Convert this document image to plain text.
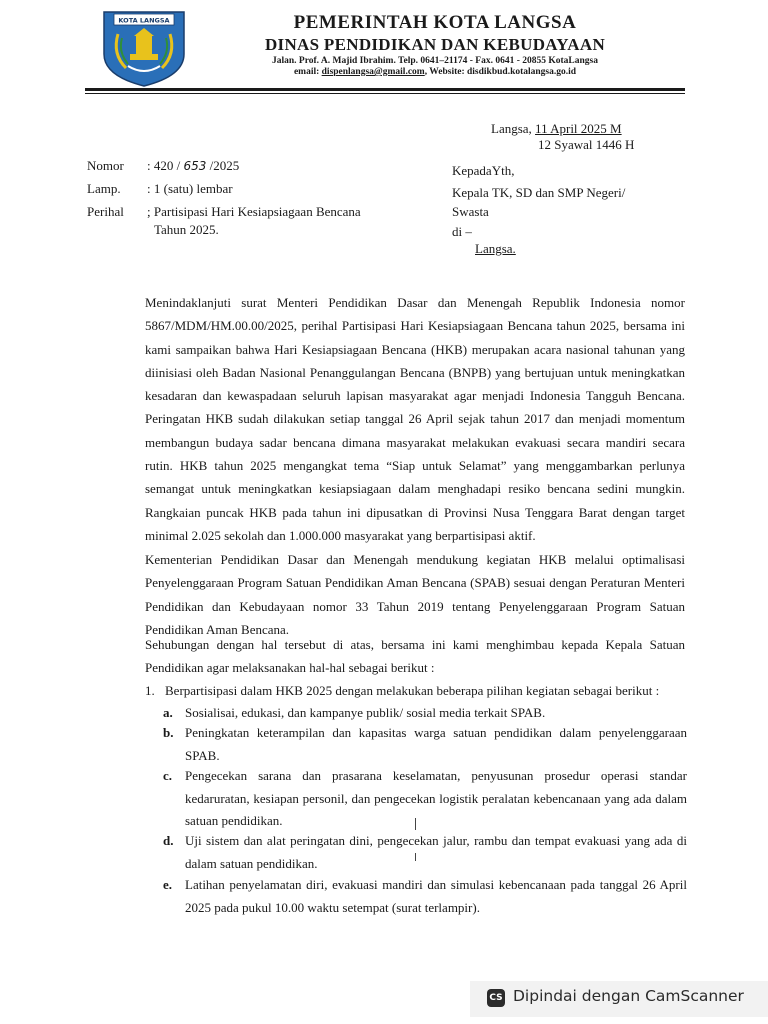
KOTA LANGSA	PEMERINTAH KOTA LANGSA
DINAS PENDIDIKAN DAN KEBUDAYAAN
Jalan. Prof. A. Majid Ibrahim. Telp. 0641–21174 - Fax. 0641 - 20855 KotaLangsa
email: dispenlangsa@gmail.com, Website: disdikbud.kotalangsa.go.id
Langsa, 11 April 2025 M
12 Syawal 1446 H
Nomor	: 420 / 653 /2025
Lamp.	: 1 (satu) lembar
Perihal	; Partisipasi Hari Kesiapsiagaan Bencana
Tahun 2025.
KepadaYth,
Kepala TK, SD dan SMP Negeri/
Swasta
di –
Langsa.
Menindaklanjuti surat Menteri Pendidikan Dasar dan Menengah Republik Indonesia nomor 5867/MDM/HM.00.00/2025, perihal Partisipasi Hari Kesiapsiagaan Bencana tahun 2025, bersama ini kami sampaikan bahwa Hari Kesiapsiagaan Bencana (HKB) merupakan acara nasional tahunan yang diinisiasi oleh Badan Nasional Penanggulangan Bencana (BNPB) yang bertujuan untuk meningkatkan kesadaran dan kewaspadaan seluruh lapisan masyarakat agar menjadi Indonesia Tangguh Bencana. Peringatan HKB sudah dilakukan setiap tanggal 26 April sejak tahun 2017 dan menjadi momentum membangun budaya sadar bencana dimana masyarakat melakukan evakuasi secara mandiri secara rutin. HKB tahun 2025 mengangkat tema “Siap untuk Selamat” yang menggambarkan perlunya semangat untuk meningkatkan kesiapsiagaan dalam menghadapi resiko bencana sedini mungkin. Rangkaian puncak HKB pada tahun ini dipusatkan di Provinsi Nusa Tenggara Barat dengan target minimal 2.025 sekolah dan 1.000.000 masyarakat yang berpartisipasi aktif.
Kementerian Pendidikan Dasar dan Menengah mendukung kegiatan HKB melalui optimalisasi Penyelenggaraan Program Satuan Pendidikan Aman Bencana (SPAB) sesuai dengan Peraturan Menteri Pendidikan dan Kebudayaan nomor 33 Tahun 2019 tentang Penyelenggaraan Program Satuan Pendidikan Aman Bencana.
Sehubungan dengan hal tersebut di atas, bersama ini kami menghimbau kepada Kepala Satuan Pendidikan agar melaksanakan hal-hal sebagai berikut :
1. Berpartisipasi dalam HKB 2025 dengan melakukan beberapa pilihan kegiatan sebagai berikut :
a. Sosialisai, edukasi, dan kampanye publik/ sosial media terkait SPAB.
b. Peningkatan keterampilan dan kapasitas warga satuan pendidikan dalam penyelenggaraan SPAB.
c. Pengecekan sarana dan prasarana keselamatan, penyusunan prosedur operasi standar kedaruratan, kesiapan personil, dan pengecekan logistik peralatan kebencanaan yang ada dalam satuan pendidikan.
d. Uji sistem dan alat peringatan dini, pengecekan jalur, rambu dan tempat evakuasi yang ada di dalam satuan pendidikan.
e. Latihan penyelamatan diri, evakuasi mandiri dan simulasi kebencanaan pada tanggal 26 April 2025 pada pukul 10.00 waktu setempat (surat terlampir).
CS Dipindai dengan CamScanner
